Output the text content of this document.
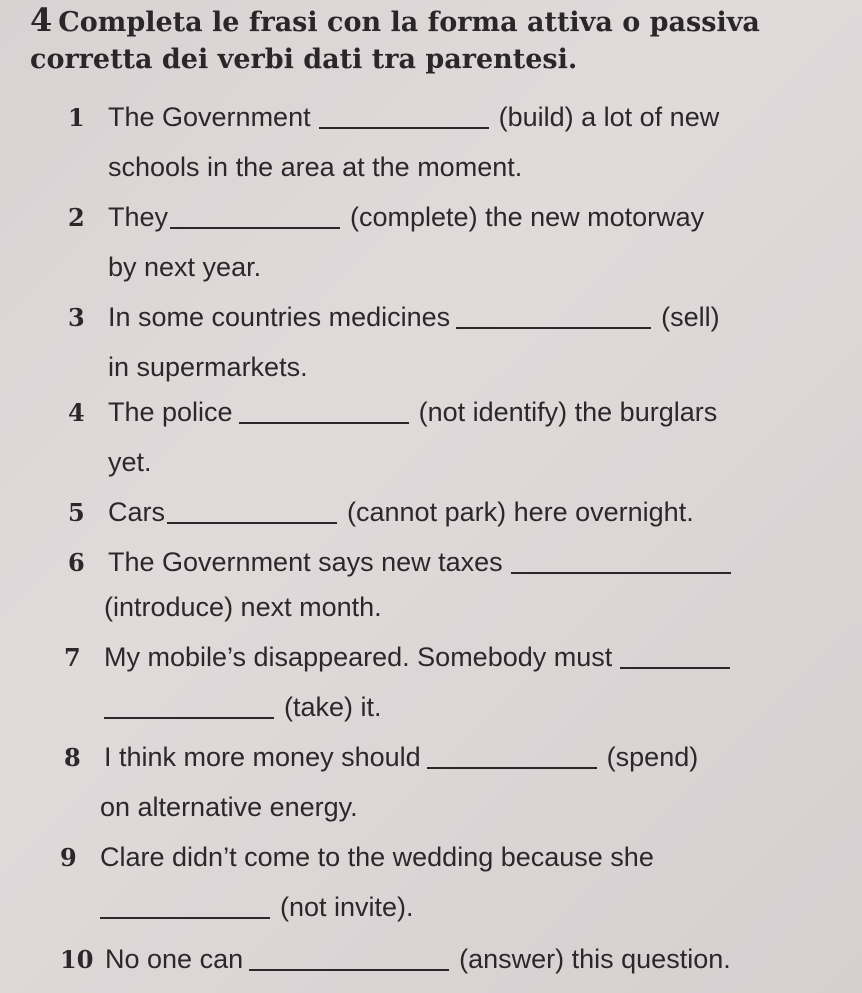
4 Completa le frasi con la forma attiva o passiva
corretta dei verbi dati tra parentesi.
1 The Government	(build) a lot of new
schools in the area at the moment.
2 They	(complete) the new motorway
by next year.
3 In some countries medicines	(sell)
in supermarkets.
4 The police	(not identify) the burglars
yet.
5 Cars	(cannot park) here overnight.
6 The Government says new taxes
(introduce) next month.
7 My mobile’s disappeared. Somebody must
(take) it.
8 I think more money should	(spend)
on alternative energy.
9 Clare didn’t come to the wedding because she
(not invite).
10 No one can	(answer) this question.
